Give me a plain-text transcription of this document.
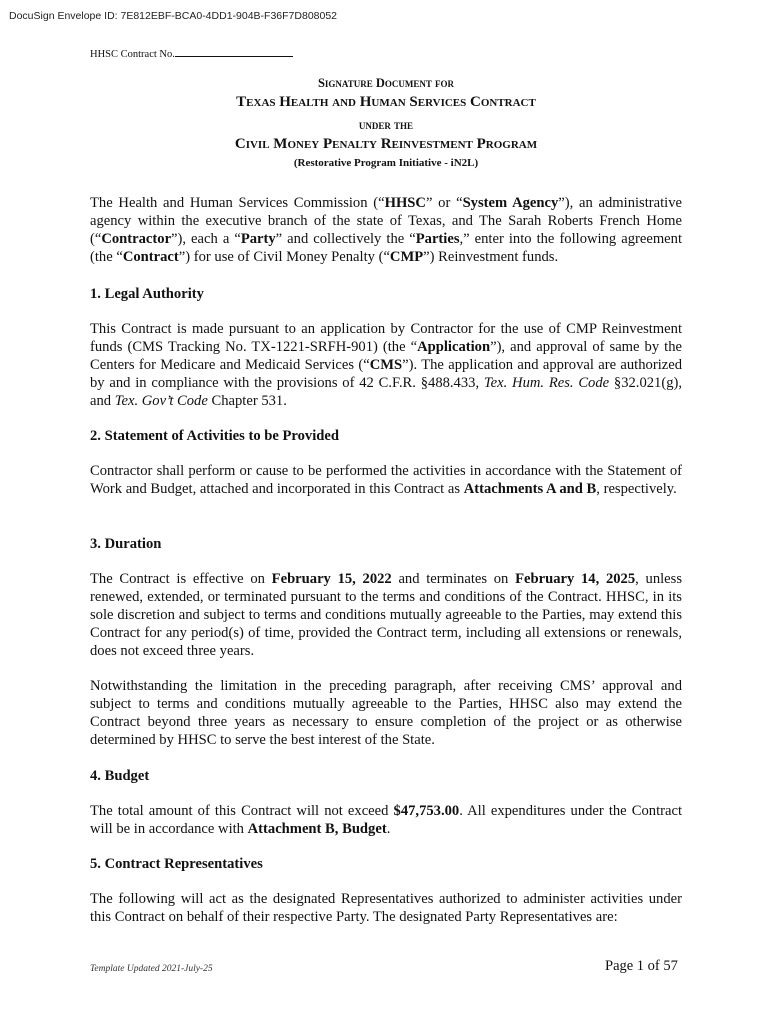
DocuSign Envelope ID: 7E812EBF-BCA0-4DD1-904B-F36F7D808052
HHSC Contract No.
Signature Document for
Texas Health and Human Services Contract
under the
Civil Money Penalty Reinvestment Program
(Restorative Program Initiative - iN2L)

The Health and Human Services Commission (“HHSC” or “System Agency”), an administrative agency within the executive branch of the state of Texas, and The Sarah Roberts French Home (“Contractor”), each a “Party” and collectively the “Parties,” enter into the following agreement (the “Contract”) for use of Civil Money Penalty (“CMP”) Reinvestment funds.

1. Legal Authority

This Contract is made pursuant to an application by Contractor for the use of CMP Reinvestment funds (CMS Tracking No. TX-1221-SRFH-901) (the “Application”), and approval of same by the Centers for Medicare and Medicaid Services (“CMS”). The application and approval are authorized by and in compliance with the provisions of 42 C.F.R. §488.433, Tex. Hum. Res. Code §32.021(g), and Tex. Gov’t Code Chapter 531.

2. Statement of Activities to be Provided

Contractor shall perform or cause to be performed the activities in accordance with the Statement of Work and Budget, attached and incorporated in this Contract as Attachments A and B, respectively.

3. Duration

The Contract is effective on February 15, 2022 and terminates on February 14, 2025, unless renewed, extended, or terminated pursuant to the terms and conditions of the Contract. HHSC, in its sole discretion and subject to terms and conditions mutually agreeable to the Parties, may extend this Contract for any period(s) of time, provided the Contract term, including all extensions or renewals, does not exceed three years.

Notwithstanding the limitation in the preceding paragraph, after receiving CMS’ approval and subject to terms and conditions mutually agreeable to the Parties, HHSC also may extend the Contract beyond three years as necessary to ensure completion of the project or as otherwise determined by HHSC to serve the best interest of the State.

4. Budget

The total amount of this Contract will not exceed $47,753.00. All expenditures under the Contract will be in accordance with Attachment B, Budget.

5. Contract Representatives

The following will act as the designated Representatives authorized to administer activities under this Contract on behalf of their respective Party. The designated Party Representatives are:

Template Updated 2021-July-25	Page 1 of 57
